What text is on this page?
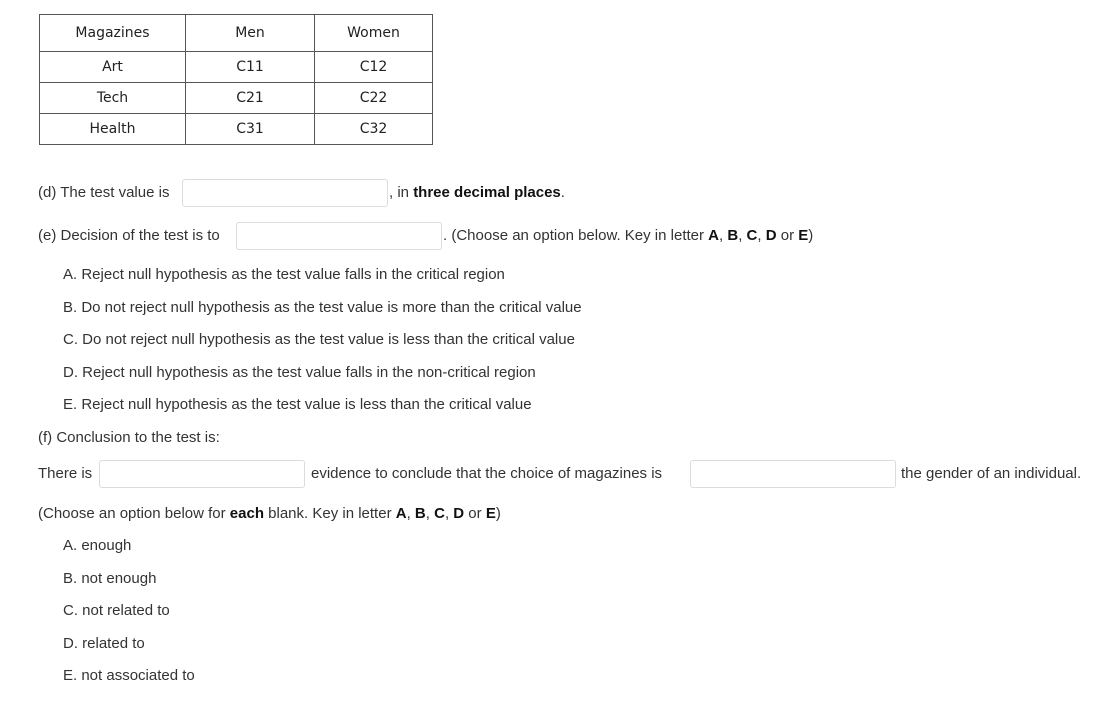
Magazines	Men	Women
Art	C11	C12
Tech	C21	C22
Health	C31	C32
(d) The test value is	, in three decimal places.
(e) Decision of the test is to	. (Choose an option below. Key in letter A, B, C, D or E)
A. Reject null hypothesis as the test value falls in the critical region
B. Do not reject null hypothesis as the test value is more than the critical value
C. Do not reject null hypothesis as the test value is less than the critical value
D. Reject null hypothesis as the test value falls in the non-critical region
E. Reject null hypothesis as the test value is less than the critical value
(f) Conclusion to the test is:
There is	evidence to conclude that the choice of magazines is	the gender of an individual.
(Choose an option below for each blank. Key in letter A, B, C, D or E)
A. enough
B. not enough
C. not related to
D. related to
E. not associated to
